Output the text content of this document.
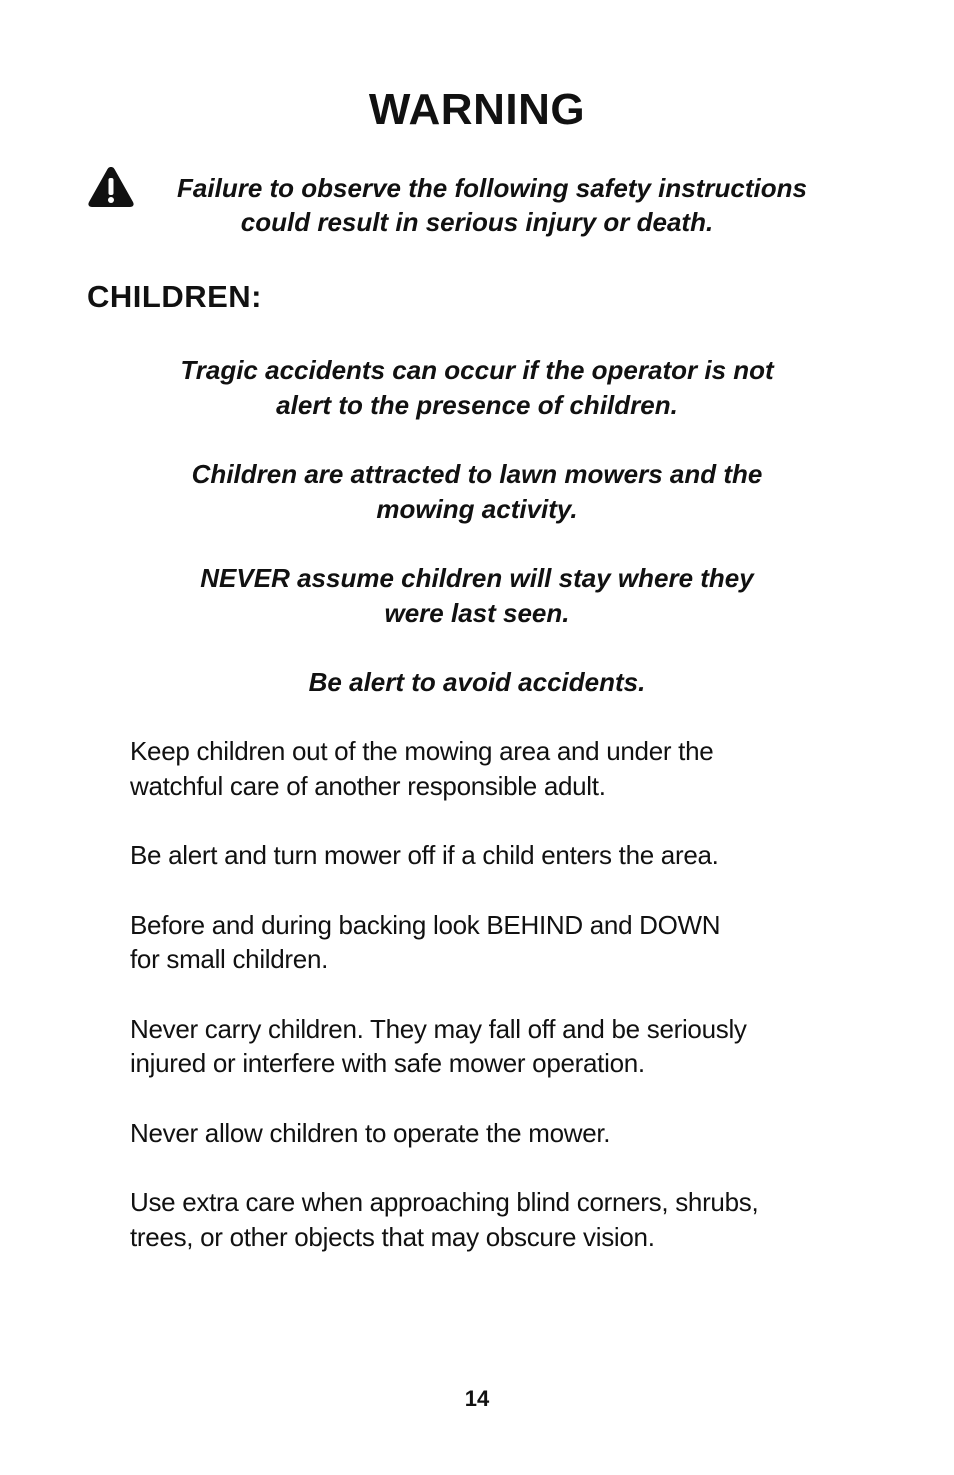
WARNING
Failure to observe the following safety instructions
could result in serious injury or death.
CHILDREN:
Tragic accidents can occur if the operator is not
alert to the presence of children.
Children are attracted to lawn mowers and the
mowing activity.
NEVER assume children will stay where they
were last seen.
Be alert to avoid accidents.
Keep children out of the mowing area and under the
watchful care of another responsible adult.
Be alert and turn mower off if a child enters the area.
Before and during backing look BEHIND and DOWN
for small children.
Never carry children. They may fall off and be seriously
injured or interfere with safe mower operation.
Never allow children to operate the mower.
Use extra care when approaching blind corners, shrubs,
trees, or other objects that may obscure vision.
14
